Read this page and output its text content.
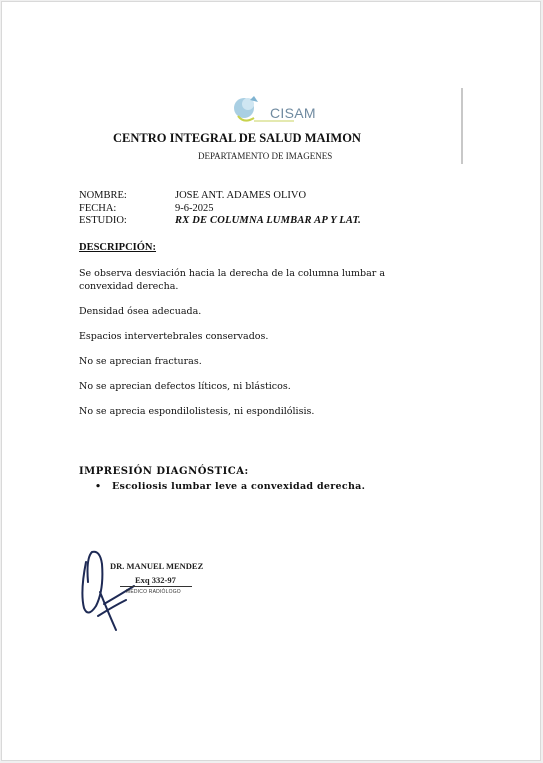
CISAM
CENTRO INTEGRAL DE SALUD MAIMON
DEPARTAMENTO DE IMAGENES
NOMBRE:	JOSE ANT. ADAMES OLIVO
FECHA:	9-6-2025
ESTUDIO:	RX DE COLUMNA LUMBAR AP Y LAT.
DESCRIPCIÓN:
Se observa desviación hacia la derecha de la columna lumbar a convexidad derecha.
Densidad ósea adecuada.
Espacios intervertebrales conservados.
No se aprecian fracturas.
No se aprecian defectos líticos, ni blásticos.
No se aprecia espondilolistesis, ni espondilólisis.
IMPRESIÓN DIAGNÓSTICA:
• Escoliosis lumbar leve a convexidad derecha.
DR. MANUEL MENDEZ
Exq 332-97
MÉDICO RADIÓLOGO
